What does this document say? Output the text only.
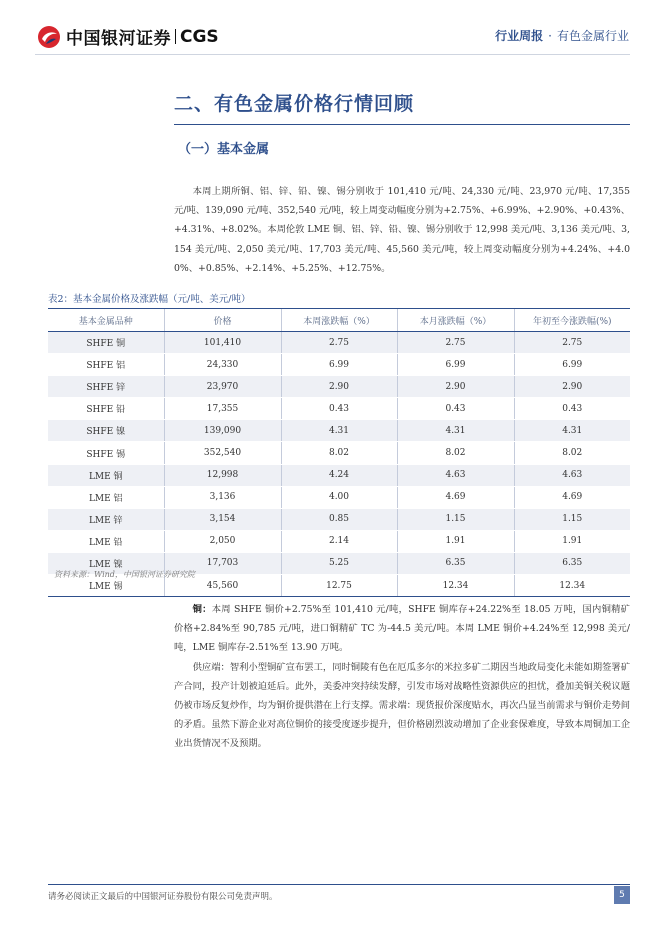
中国银河证券 CGS	行业周报 · 有色金属行业
二、有色金属价格行情回顾
（一）基本金属

本周上期所铜、铝、锌、铅、镍、锡分别收于 101,410 元/吨、24,330 元/吨、23,970 元/吨、17,355 元/吨、139,090 元/吨、352,540 元/吨，较上周变动幅度分别为+2.75%、+6.99%、+2.90%、+0.43%、+4.31%、+8.02%。本周伦敦 LME 铜、铝、锌、铅、镍、锡分别收于 12,998 美元/吨、3,136 美元/吨、3,154 美元/吨、2,050 美元/吨、17,703 美元/吨、45,560 美元/吨，较上周变动幅度分别为+4.24%、+4.00%、+0.85%、+2.14%、+5.25%、+12.75%。

表2：基本金属价格及涨跌幅（元/吨、美元/吨）
基本金属品种	价格	本周涨跌幅（%）	本月涨跌幅（%）	年初至今涨跌幅(%)
SHFE 铜	101,410	2.75	2.75	2.75
SHFE 铝	24,330	6.99	6.99	6.99
SHFE 锌	23,970	2.90	2.90	2.90
SHFE 铅	17,355	0.43	0.43	0.43
SHFE 镍	139,090	4.31	4.31	4.31
SHFE 锡	352,540	8.02	8.02	8.02
LME 铜	12,998	4.24	4.63	4.63
LME 铝	3,136	4.00	4.69	4.69
LME 锌	3,154	0.85	1.15	1.15
LME 铅	2,050	2.14	1.91	1.91
LME 镍	17,703	5.25	6.35	6.35
LME 锡	45,560	12.75	12.34	12.34
资料来源：Wind，中国银河证券研究院

铜：本周 SHFE 铜价+2.75%至 101,410 元/吨，SHFE 铜库存+24.22%至 18.05 万吨，国内铜精矿价格+2.84%至 90,785 元/吨，进口铜精矿 TC 为-44.5 美元/吨。本周 LME 铜价+4.24%至 12,998 美元/吨，LME 铜库存-2.51%至 13.90 万吨。

供应端：智利小型铜矿宣布罢工，同时铜陵有色在厄瓜多尔的米拉多矿二期因当地政局变化未能如期签署矿产合同，投产计划被迫延后。此外，美委冲突持续发酵，引发市场对战略性资源供应的担忧，叠加美铜关税议题仍被市场反复炒作，均为铜价提供潜在上行支撑。需求端：现货报价深度贴水，再次凸显当前需求与铜价走势间的矛盾。虽然下游企业对高位铜价的接受度逐步提升，但价格剧烈波动增加了企业套保难度，导致本周铜加工企业出货情况不及预期。

请务必阅读正文最后的中国银河证券股份有限公司免责声明。	5
